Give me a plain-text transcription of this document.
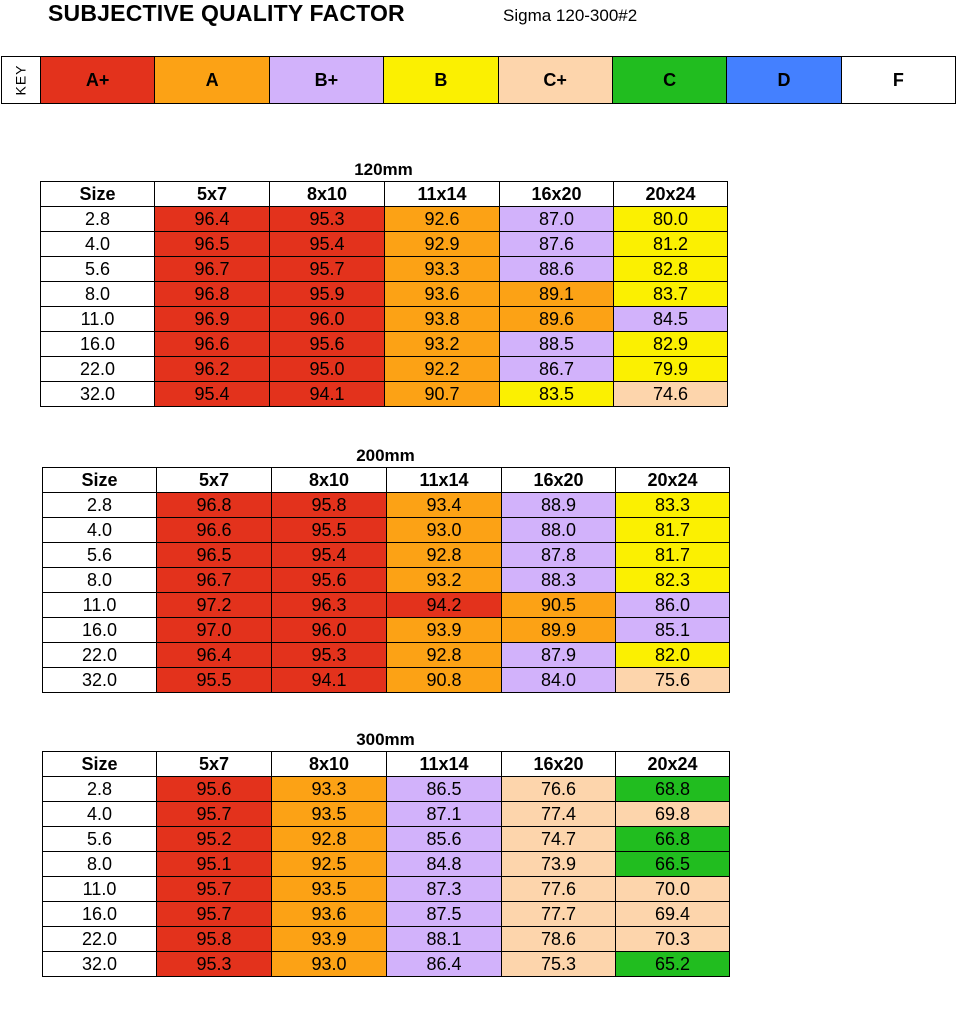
SUBJECTIVE QUALITY FACTOR	Sigma 120-300#2
KEY	A+	A	B+	B	C+	C	D	F
120mm
Size	5x7	8x10	11x14	16x20	20x24
2.8	96.4	95.3	92.6	87.0	80.0
4.0	96.5	95.4	92.9	87.6	81.2
5.6	96.7	95.7	93.3	88.6	82.8
8.0	96.8	95.9	93.6	89.1	83.7
11.0	96.9	96.0	93.8	89.6	84.5
16.0	96.6	95.6	93.2	88.5	82.9
22.0	96.2	95.0	92.2	86.7	79.9
32.0	95.4	94.1	90.7	83.5	74.6
200mm
Size	5x7	8x10	11x14	16x20	20x24
2.8	96.8	95.8	93.4	88.9	83.3
4.0	96.6	95.5	93.0	88.0	81.7
5.6	96.5	95.4	92.8	87.8	81.7
8.0	96.7	95.6	93.2	88.3	82.3
11.0	97.2	96.3	94.2	90.5	86.0
16.0	97.0	96.0	93.9	89.9	85.1
22.0	96.4	95.3	92.8	87.9	82.0
32.0	95.5	94.1	90.8	84.0	75.6
300mm
Size	5x7	8x10	11x14	16x20	20x24
2.8	95.6	93.3	86.5	76.6	68.8
4.0	95.7	93.5	87.1	77.4	69.8
5.6	95.2	92.8	85.6	74.7	66.8
8.0	95.1	92.5	84.8	73.9	66.5
11.0	95.7	93.5	87.3	77.6	70.0
16.0	95.7	93.6	87.5	77.7	69.4
22.0	95.8	93.9	88.1	78.6	70.3
32.0	95.3	93.0	86.4	75.3	65.2
